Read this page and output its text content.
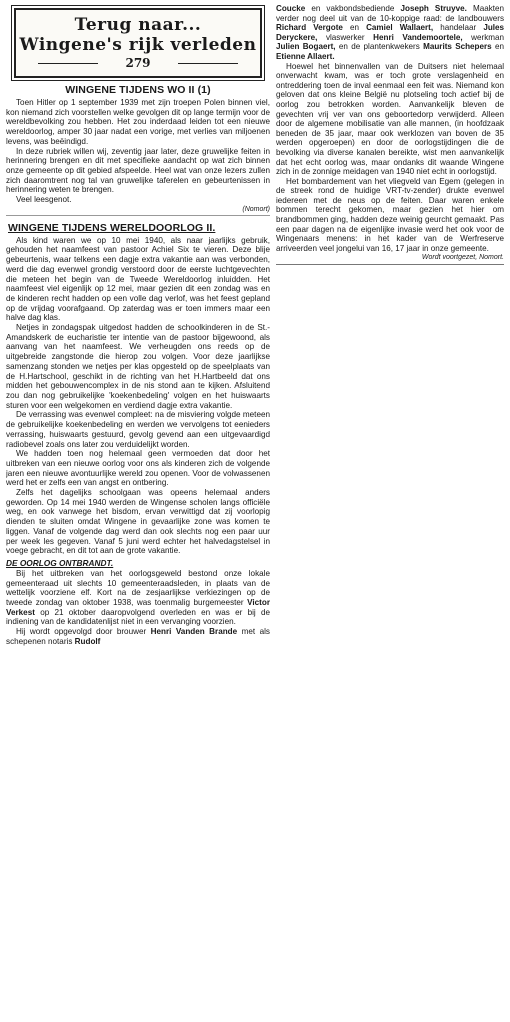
Terug naar...
Wingene's rijk verleden
279
WINGENE TIJDENS WO II (1)

Toen Hitler op 1 september 1939 met zijn troepen Polen binnen viel, kon niemand zich voorstellen welke gevolgen dit op lange termijn voor de wereldbevolking zou hebben. Het zou inderdaad leiden tot een nieuwe wereldoorlog, amper 30 jaar nadat een vorige, met verlies van miljoenen levens, was beëindigd.

In deze rubriek willen wij, zeventig jaar later, deze gruwelijke feiten in herinnering brengen en dit met specifieke aandacht op wat zich binnen onze gemeente op dit gebied afspeelde. Heel wat van onze lezers zullen zich daaromtrent nog tal van gruwelijke taferelen en gebeurtenissen in herinnering weten te brengen.

Veel leesgenot.

(Nomort)
WINGENE TIJDENS WERELDOORLOG II.

Als kind waren we op 10 mei 1940, als naar jaarlijks gebruik, gehouden het naamfeest van pastoor Achiel Six te vieren. Deze blije gebeurtenis, waar telkens een dagje extra vakantie aan was verbonden, werd die dag evenwel grondig verstoord door de eerste luchtgevechten die meteen het begin van de Tweede Wereldoorlog inluidden. Het naamfeest viel eigenlijk op 12 mei, maar gezien dit een zondag was en de kinderen recht hadden op een volle dag verlof, was het feest gepland op de vrijdag voorafgaand. Op zaterdag was er toen immers maar een halve dag klas.

Netjes in zondagspak uitgedost hadden de schoolkinderen in de St.-Amandskerk de eucharistie ter intentie van de pastoor bijgewoond, als aanvang van het naamfeest. We verheugden ons reeds op de uitgebreide zangstonde die hierop zou volgen. Voor deze jaarlijkse samenzang stonden we netjes per klas opgesteld op de speelplaats van de H.Hartschool, geschikt in de richting van het H.Hartbeeld dat ons midden het gebouwencomplex in de nis stond aan te kijken. Afsluitend zou dan nog gebruikelijke 'koekenbedeling' volgen en het huiswaarts sturen voor een welgekomen en verdiend dagje extra vakantie.

De verrassing was evenwel compleet: na de misviering volgde meteen de gebruikelijke koekenbedeling en werden we vervolgens tot eenieders verrassing, huiswaarts gestuurd, gevolg gevend aan een uitgevaardigd radiobevel zoals ons later zou verduidelijkt worden.

We hadden toen nog helemaal geen vermoeden dat door het uitbreken van een nieuwe oorlog voor ons als kinderen zich de volgende jaren een nieuwe avontuurlijke wereld zou openen. Voor de volwassenen werd het er zelfs een van angst en ontbering.

Zelfs het dagelijks schoolgaan was opeens helemaal anders geworden. Op 14 mei 1940 werden de Wingense scholen langs officiële weg, en ook vanwege het bisdom, ervan verwittigd dat zij voorlopig dienden te sluiten omdat Wingene in gevaarlijke zone was komen te liggen. Vanaf de volgende dag werd dan ook slechts nog een paar uur per week les gegeven. Vanaf 5 juni werd echter het halvedagstelsel in voege gebracht, en dit tot aan de grote vakantie.

DE OORLOG ONTBRANDT.

Bij het uitbreken van het oorlogsgeweld bestond onze lokale gemeenteraad uit slechts 10 gemeenteraadsleden, in plaats van de wettelijk voorziene elf. Kort na de zesjaarlijkse verkiezingen op de tweede zondag van oktober 1938, was toenmalig burgemeester Victor Verkest op 21 oktober daaropvolgend overleden en was er bij de indiening van de kandidatenlijst niet in een vervanging voorzien.

Hij wordt opgevolgd door brouwer Henri Vanden Brande met als schepenen notaris Rudolf

Coucke en vakbondsbediende Joseph Struyve. Maakten verder nog deel uit van de 10-koppige raad: de landbouwers Richard Vergote en Camiel Wallaert, handelaar Jules Deryckere, vlaswerker Henri Vandemoortele, werkman Julien Bogaert, en de plantenkwekers Maurits Schepers en Etienne Allaert.

Hoewel het binnenvallen van de Duitsers niet helemaal onverwacht kwam, was er toch grote verslagenheid en ontreddering toen de inval eenmaal een feit was. Niemand kon geloven dat ons kleine België nu plotseling toch actief bij de oorlog zou betrokken worden. Aanvankelijk bleven de gevechten vrij ver van ons geboortedorp verwijderd. Alleen door de algemene mobilisatie van alle mannen, (in hoofdzaak beneden de 35 jaar, maar ook werklozen van boven de 35 werden opgeroepen) en door de oorlogstijdingen die de bevolking via diverse kanalen bereikte, wist men aanvankelijk dat het echt oorlog was, maar ondanks dit waande Wingene zich in de zonnige meidagen van 1940 niet echt in oorlogstijd.

Het bombardement van het vliegveld van Egem (gelegen in de streek rond de huidige VRT-tv-zender) drukte evenwel iedereen met de neus op de feiten. Daar waren enkele bommen terecht gekomen, maar gezien het hier om brandbommen ging, hadden deze weinig geurcht gemaakt. Pas een paar dagen na de eigenlijke invasie werd het ook voor de Wingenaars menens: in het kader van de Werfreserve arriveerden veel jongelui van 16, 17 jaar in onze gemeente.

Wordt voortgezet, Nomort.
